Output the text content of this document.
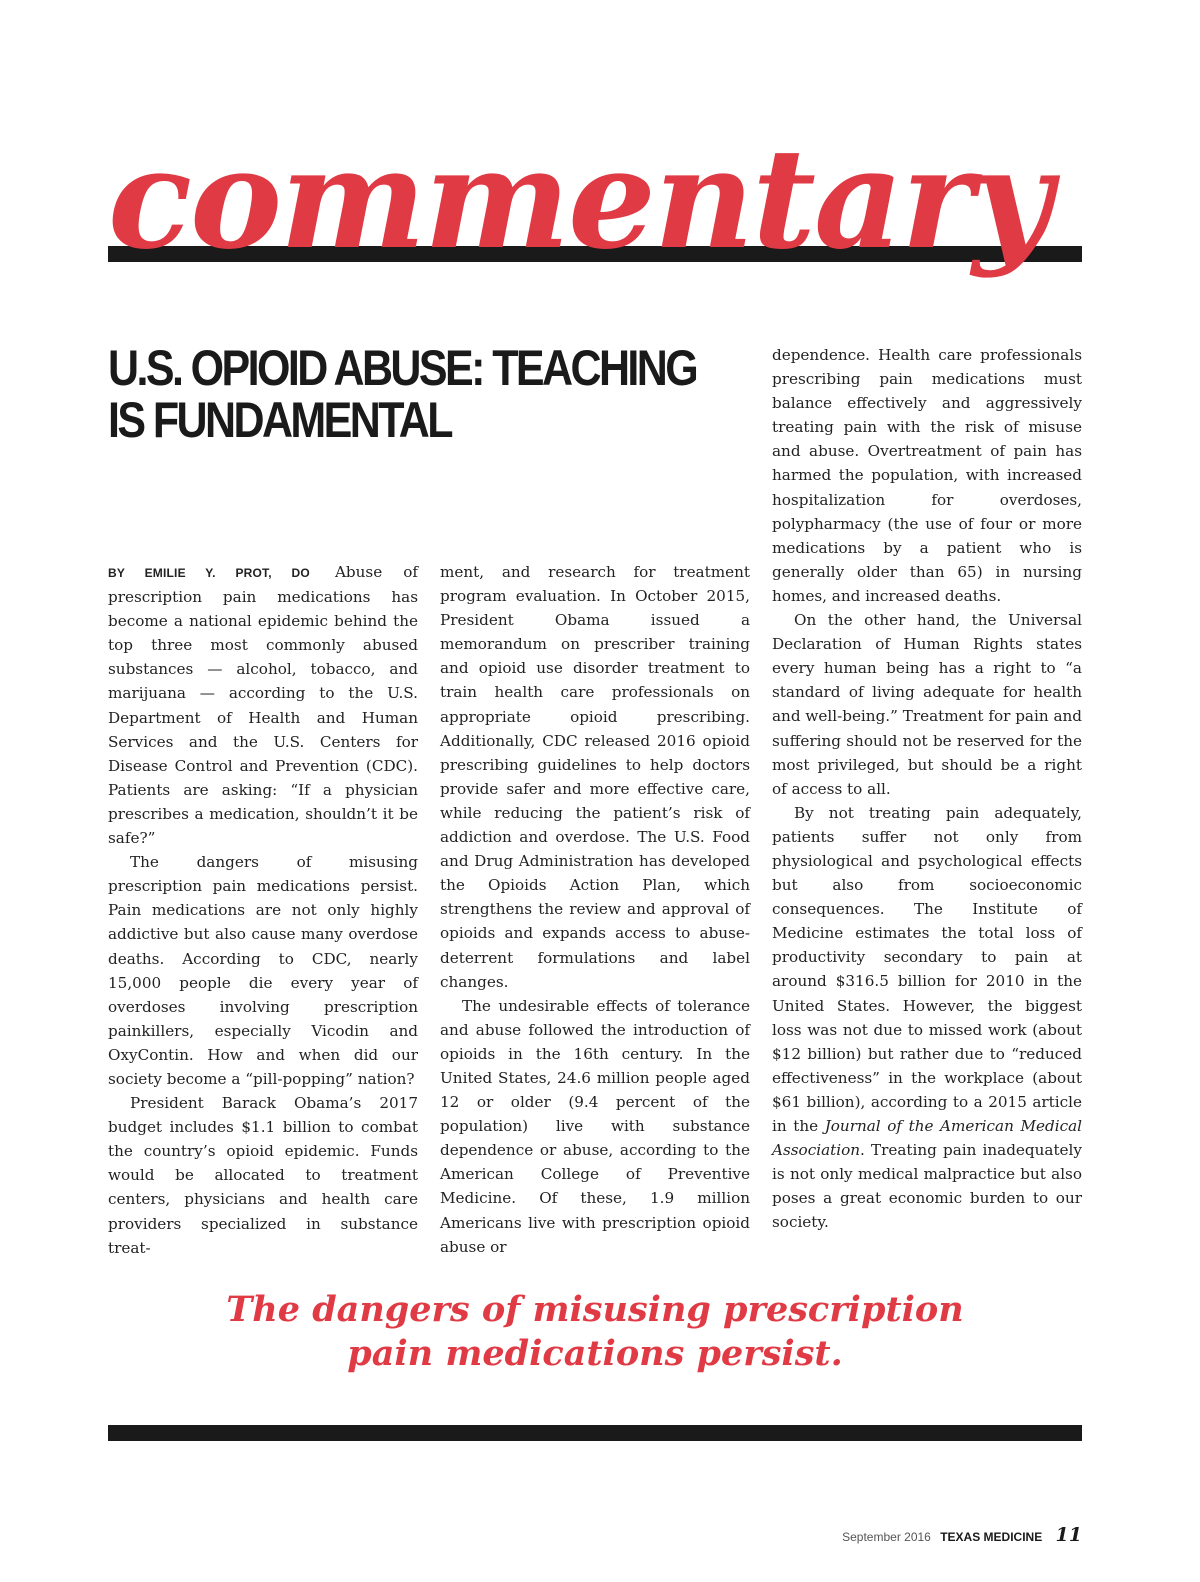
commentary
U.S. OPIOID ABUSE: TEACHING
IS FUNDAMENTAL

BY EMILIE Y. PROT, DO Abuse of prescription pain medications has become a national epidemic behind the top three most commonly abused substances — alcohol, tobacco, and marijuana — according to the U.S. Department of Health and Human Services and the U.S. Centers for Disease Control and Prevention (CDC). Patients are asking: “If a physician prescribes a medication, shouldn’t it be safe?”

The dangers of misusing prescription pain medications persist. Pain medications are not only highly addictive but also cause many overdose deaths. According to CDC, nearly 15,000 people die every year of overdoses involving prescription painkillers, especially Vicodin and OxyContin. How and when did our society become a “pill-popping” nation?

President Barack Obama’s 2017 budget includes $1.1 billion to combat the country’s opioid epidemic. Funds would be allocated to treatment centers, physicians and health care providers specialized in substance treat-

ment, and research for treatment program evaluation. In October 2015, President Obama issued a memorandum on prescriber training and opioid use disorder treatment to train health care professionals on appropriate opioid prescribing. Additionally, CDC released 2016 opioid prescribing guidelines to help doctors provide safer and more effective care, while reducing the patient’s risk of addiction and overdose. The U.S. Food and Drug Administration has developed the Opioids Action Plan, which strengthens the review and approval of opioids and expands access to abuse-deterrent formulations and label changes.

The undesirable effects of tolerance and abuse followed the introduction of opioids in the 16th century. In the United States, 24.6 million people aged 12 or older (9.4 percent of the population) live with substance dependence or abuse, according to the American College of Preventive Medicine. Of these, 1.9 million Americans live with prescription opioid abuse or

dependence. Health care professionals prescribing pain medications must balance effectively and aggressively treating pain with the risk of misuse and abuse. Overtreatment of pain has harmed the population, with increased hospitalization for overdoses, polypharmacy (the use of four or more medications by a patient who is generally older than 65) in nursing homes, and increased deaths.

On the other hand, the Universal Declaration of Human Rights states every human being has a right to “a standard of living adequate for health and well-being.” Treatment for pain and suffering should not be reserved for the most privileged, but should be a right of access to all.

By not treating pain adequately, patients suffer not only from physiological and psychological effects but also from socioeconomic consequences. The Institute of Medicine estimates the total loss of productivity secondary to pain at around $316.5 billion for 2010 in the United States. However, the biggest loss was not due to missed work (about $12 billion) but rather due to “reduced effectiveness” in the workplace (about $61 billion), according to a 2015 article in the Journal of the American Medical Association. Treating pain inadequately is not only medical malpractice but also poses a great economic burden to our society.

The dangers of misusing prescription
pain medications persist.
September 2016 TEXAS MEDICINE 11
